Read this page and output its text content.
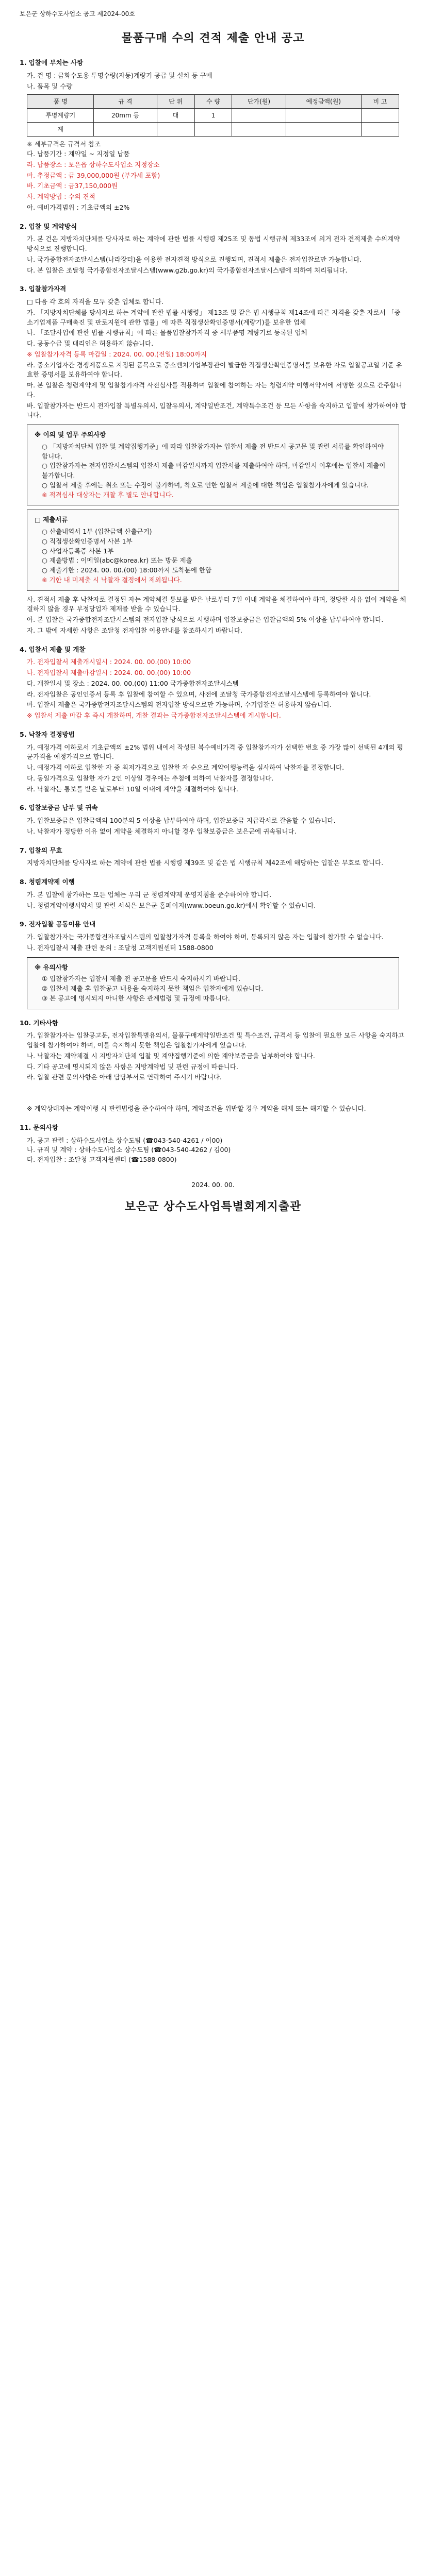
보은군 상하수도사업소 공고 제2024-00호
물품구매 수의 견적 제출 안내 공고
1. 입찰에 부치는 사항
가. 건 명 : 금화수도용 투명수량(자동)계량기 공급 및 설치 등 구매
나. 품목 및 수량
품 명	규 격	단 위	수 량	단가(원)	예정금액(원)	비 고
투명계량기	20mm 등	대	1			
계						
※ 세부규격은 규격서 참조
다. 납품기간 : 계약일 ~ 지정일 납품
라. 납품장소 : 보은읍 상하수도사업소 지정장소
마. 추정금액 : 금 39,000,000원 (부가세 포함)
바. 기초금액 : 금37,150,000원
사. 계약방법 : 수의 견적
아. 예비가격범위 : 기초금액의 ±2%
2. 입찰 및 계약방식
가. 본 건은 지방자치단체를 당사자로 하는 계약에 관한 법률 시행령 제25조 및 동법 시행규칙 제33조에 의거 전자 견적제출 수의계약 방식으로 진행합니다.
나. 국가종합전자조달시스템(나라장터)을 이용한 전자견적 방식으로 진행되며, 견적서 제출은 전자입찰로만 가능합니다.
다. 본 입찰은 조달청 국가종합전자조달시스템(www.g2b.go.kr)의 국가종합전자조달시스템에 의하여 처리됩니다.
3. 입찰참가자격
□ 다음 각 호의 자격을 모두 갖춘 업체로 합니다.
가. 「지방자치단체를 당사자로 하는 계약에 관한 법률 시행령」 제13조 및 같은 법 시행규칙 제14조에 따른 자격을 갖춘 자로서 「중소기업제품 구매촉진 및 판로지원에 관한 법률」에 따른 직접생산확인증명서(계량기)를 보유한 업체
나. 「조달사업에 관한 법률 시행규칙」에 따른 물품입찰참가자격 중 세부품명 계량기로 등록된 업체
다. 공동수급 및 대리인은 허용하지 않습니다.
※ 입찰참가자격 등록 마감일 : 2024. 00. 00.(전일) 18:00까지
라. 중소기업자간 경쟁제품으로 지정된 품목으로 중소벤처기업부장관이 발급한 직접생산확인증명서를 보유한 자로 입찰공고일 기준 유효한 증명서를 보유하여야 합니다.
마. 본 입찰은 청렴계약제 및 입찰참가자격 사전심사를 적용하며 입찰에 참여하는 자는 청렴계약 이행서약서에 서명한 것으로 간주합니다.
바. 입찰참가자는 반드시 전자입찰 특별유의서, 입찰유의서, 계약일반조건, 계약특수조건 등 모든 사항을 숙지하고 입찰에 참가하여야 합니다.
※ 이의 및 업무 주의사항
○ 「지방자치단체 입찰 및 계약집행기준」에 따라 입찰참가자는 입찰서 제출 전 반드시 공고문 및 관련 서류를 확인하여야 합니다.
○ 입찰참가자는 전자입찰시스템의 입찰서 제출 마감일시까지 입찰서를 제출하여야 하며, 마감일시 이후에는 입찰서 제출이 불가합니다.
○ 입찰서 제출 후에는 취소 또는 수정이 불가하며, 착오로 인한 입찰서 제출에 대한 책임은 입찰참가자에게 있습니다.
※ 적격심사 대상자는 개찰 후 별도 안내합니다.
□ 제출서류
○ 산출내역서 1부 (입찰금액 산출근거)
○ 직접생산확인증명서 사본 1부
○ 사업자등록증 사본 1부
○ 제출방법 : 이메일(abc@korea.kr) 또는 방문 제출
○ 제출기한 : 2024. 00. 00.(00) 18:00까지 도착분에 한함
※ 기한 내 미제출 시 낙찰자 결정에서 제외됩니다.
사. 견적서 제출 후 낙찰자로 결정된 자는 계약체결 통보를 받은 날로부터 7일 이내 계약을 체결하여야 하며, 정당한 사유 없이 계약을 체결하지 않을 경우 부정당업자 제재를 받을 수 있습니다.
아. 본 입찰은 국가종합전자조달시스템의 전자입찰 방식으로 시행하며 입찰보증금은 입찰금액의 5% 이상을 납부하여야 합니다.
자. 그 밖에 자세한 사항은 조달청 전자입찰 이용안내를 참조하시기 바랍니다.
4. 입찰서 제출 및 개찰
가. 전자입찰서 제출개시일시 : 2024. 00. 00.(00) 10:00
나. 전자입찰서 제출마감일시 : 2024. 00. 00.(00) 10:00
다. 개찰일시 및 장소 : 2024. 00. 00.(00) 11:00 국가종합전자조달시스템
라. 전자입찰은 공인인증서 등록 후 입찰에 참여할 수 있으며, 사전에 조달청 국가종합전자조달시스템에 등록하여야 합니다.
마. 입찰서 제출은 국가종합전자조달시스템의 전자입찰 방식으로만 가능하며, 수기입찰은 허용하지 않습니다.
※ 입찰서 제출 마감 후 즉시 개찰하며, 개찰 결과는 국가종합전자조달시스템에 게시합니다.
5. 낙찰자 결정방법
가. 예정가격 이하로서 기초금액의 ±2% 범위 내에서 작성된 복수예비가격 중 입찰참가자가 선택한 번호 중 가장 많이 선택된 4개의 평균가격을 예정가격으로 합니다.
나. 예정가격 이하로 입찰한 자 중 최저가격으로 입찰한 자 순으로 계약이행능력을 심사하여 낙찰자를 결정합니다.
다. 동일가격으로 입찰한 자가 2인 이상일 경우에는 추첨에 의하여 낙찰자를 결정합니다.
라. 낙찰자는 통보를 받은 날로부터 10일 이내에 계약을 체결하여야 합니다.
6. 입찰보증금 납부 및 귀속
가. 입찰보증금은 입찰금액의 100분의 5 이상을 납부하여야 하며, 입찰보증금 지급각서로 갈음할 수 있습니다.
나. 낙찰자가 정당한 이유 없이 계약을 체결하지 아니할 경우 입찰보증금은 보은군에 귀속됩니다.
7. 입찰의 무효
지방자치단체를 당사자로 하는 계약에 관한 법률 시행령 제39조 및 같은 법 시행규칙 제42조에 해당하는 입찰은 무효로 합니다.
8. 청렴계약제 이행
가. 본 입찰에 참가하는 모든 업체는 우리 군 청렴계약제 운영지침을 준수하여야 합니다.
나. 청렴계약이행서약서 및 관련 서식은 보은군 홈페이지(www.boeun.go.kr)에서 확인할 수 있습니다.
9. 전자입찰 공동이용 안내
가. 입찰참가자는 국가종합전자조달시스템의 입찰참가자격 등록을 하여야 하며, 등록되지 않은 자는 입찰에 참가할 수 없습니다.
나. 전자입찰서 제출 관련 문의 : 조달청 고객지원센터 1588-0800
※ 유의사항
① 입찰참가자는 입찰서 제출 전 공고문을 반드시 숙지하시기 바랍니다.
② 입찰서 제출 후 입찰공고 내용을 숙지하지 못한 책임은 입찰자에게 있습니다.
③ 본 공고에 명시되지 아니한 사항은 관계법령 및 규정에 따릅니다.
10. 기타사항
가. 입찰참가자는 입찰공고문, 전자입찰특별유의서, 물품구매계약일반조건 및 특수조건, 규격서 등 입찰에 필요한 모든 사항을 숙지하고 입찰에 참가하여야 하며, 이를 숙지하지 못한 책임은 입찰참가자에게 있습니다.
나. 낙찰자는 계약체결 시 지방자치단체 입찰 및 계약집행기준에 의한 계약보증금을 납부하여야 합니다.
다. 기타 공고에 명시되지 않은 사항은 지방계약법 및 관련 규정에 따릅니다.
라. 입찰 관련 문의사항은 아래 담당부서로 연락하여 주시기 바랍니다.
※ 계약상대자는 계약이행 시 관련법령을 준수하여야 하며, 계약조건을 위반할 경우 계약을 해제 또는 해지할 수 있습니다.
11. 문의사항
가. 공고 관련 : 상하수도사업소 상수도팀 (☎043-540-4261 / 이00)
나. 규격 및 계약 : 상하수도사업소 상수도팀 (☎043-540-4262 / 김00)
다. 전자입찰 : 조달청 고객지원센터 (☎1588-0800)
2024. 00. 00.
보은군 상수도사업특별회계지출관
